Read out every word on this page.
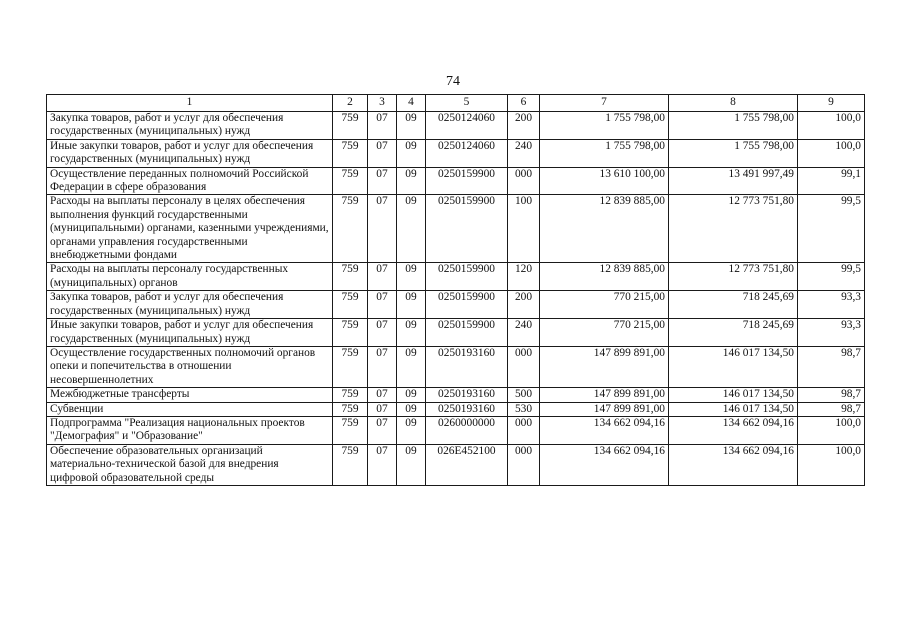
74
1	2	3	4	5	6	7	8	9
Закупка товаров, работ и услуг для обеспечения государственных (муниципальных) нужд	759	07	09	0250124060	200	1 755 798,00	1 755 798,00	100,0
Иные закупки товаров, работ и услуг для обеспечения государственных (муниципальных) нужд	759	07	09	0250124060	240	1 755 798,00	1 755 798,00	100,0
Осуществление переданных полномочий Российской Федерации в сфере образования	759	07	09	0250159900	000	13 610 100,00	13 491 997,49	99,1
Расходы на выплаты персоналу в целях обеспечения выполнения функций государственными (муниципальными) органами, казенными учреждениями, органами управления государственными внебюджетными фондами	759	07	09	0250159900	100	12 839 885,00	12 773 751,80	99,5
Расходы на выплаты персоналу государственных (муниципальных) органов	759	07	09	0250159900	120	12 839 885,00	12 773 751,80	99,5
Закупка товаров, работ и услуг для обеспечения государственных (муниципальных) нужд	759	07	09	0250159900	200	770 215,00	718 245,69	93,3
Иные закупки товаров, работ и услуг для обеспечения государственных (муниципальных) нужд	759	07	09	0250159900	240	770 215,00	718 245,69	93,3
Осуществление государственных полномочий органов опеки и попечительства в отношении несовершеннолетних	759	07	09	0250193160	000	147 899 891,00	146 017 134,50	98,7
Межбюджетные трансферты	759	07	09	0250193160	500	147 899 891,00	146 017 134,50	98,7
Субвенции	759	07	09	0250193160	530	147 899 891,00	146 017 134,50	98,7
Подпрограмма "Реализация национальных проектов "Демография" и "Образование"	759	07	09	0260000000	000	134 662 094,16	134 662 094,16	100,0
Обеспечение образовательных организаций материально-технической базой для внедрения цифровой образовательной среды	759	07	09	026E452100	000	134 662 094,16	134 662 094,16	100,0
